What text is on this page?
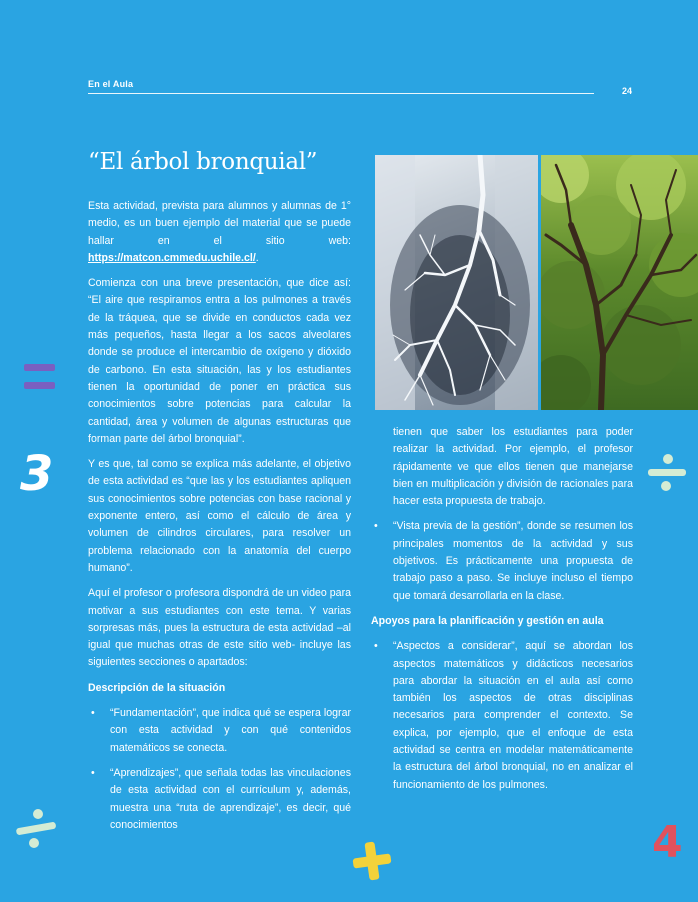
En el Aula
24
“El árbol bronquial”

Esta actividad, prevista para alumnos y alumnas de 1° medio, es un buen ejemplo del material que se puede hallar en el sitio web: https://matcon.cmmedu.uchile.cl/.

Comienza con una breve presentación, que dice así: “El aire que respiramos entra a los pulmones a través de la tráquea, que se divide en conductos cada vez más pequeños, hasta llegar a los sacos alveolares donde se produce el intercambio de oxígeno y dióxido de carbono. En esta situación, las y los estudiantes tienen la oportunidad de poner en práctica sus conocimientos sobre potencias para calcular la cantidad, área y volumen de algunas estructuras que forman parte del árbol bronquial”.

Y es que, tal como se explica más adelante, el objetivo de esta actividad es “que las y los estudiantes apliquen sus conocimientos sobre potencias con base racional y exponente entero, así como el cálculo de área y volumen de cilindros circulares, para resolver un problema relacionado con la anatomía del cuerpo humano”.

Aquí el profesor o profesora dispondrá de un video para motivar a sus estudiantes con este tema. Y varias sorpresas más, pues la estructura de esta actividad –al igual que muchas otras de este sitio web- incluye las siguientes secciones o apartados:

Descripción de la situación
• “Fundamentación”, que indica qué se espera lograr con esta actividad y con qué contenidos matemáticos se conecta.
• “Aprendizajes”, que señala todas las vinculaciones de esta actividad con el currículum y, además, muestra una “ruta de aprendizaje”, es decir, qué conocimientos
tienen que saber los estudiantes para poder realizar la actividad. Por ejemplo, el profesor rápidamente ve que ellos tienen que manejarse bien en multiplicación y división de racionales para hacer esta propuesta de trabajo.
• “Vista previa de la gestión”, donde se resumen los principales momentos de la actividad y sus objetivos. Es prácticamente una propuesta de trabajo paso a paso. Se incluye incluso el tiempo que tomará desarrollarla en la clase.
Apoyos para la planificación y gestión en aula
• “Aspectos a considerar”, aquí se abordan los aspectos matemáticos y didácticos necesarios para abordar la situación en el aula así como también los aspectos de otras disciplinas necesarios para comprender el contexto. Se explica, por ejemplo, que el enfoque de esta actividad se centra en modelar matemáticamente la estructura del árbol bronquial, no en analizar el funcionamiento de los pulmones.
3
4
